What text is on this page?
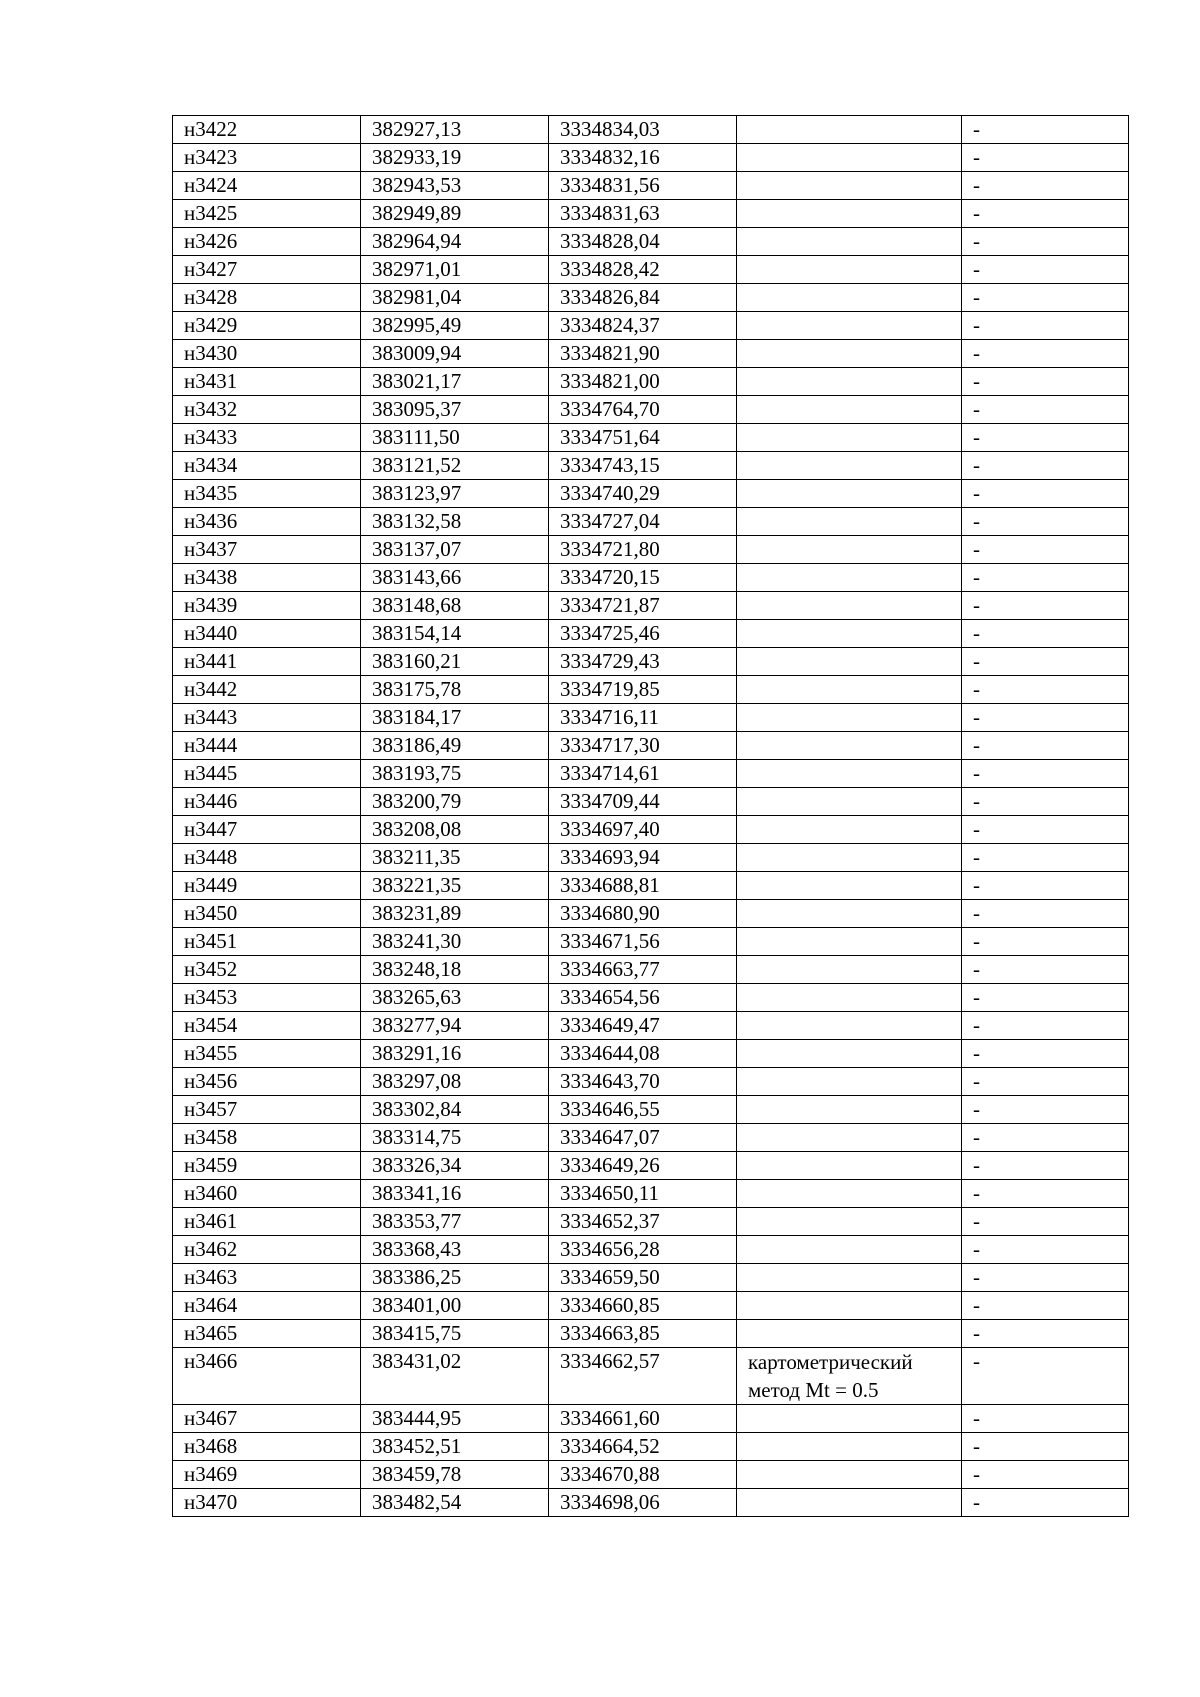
н3422	382927,13	3334834,03		-
н3423	382933,19	3334832,16		-
н3424	382943,53	3334831,56		-
н3425	382949,89	3334831,63		-
н3426	382964,94	3334828,04		-
н3427	382971,01	3334828,42		-
н3428	382981,04	3334826,84		-
н3429	382995,49	3334824,37		-
н3430	383009,94	3334821,90		-
н3431	383021,17	3334821,00		-
н3432	383095,37	3334764,70		-
н3433	383111,50	3334751,64		-
н3434	383121,52	3334743,15		-
н3435	383123,97	3334740,29		-
н3436	383132,58	3334727,04		-
н3437	383137,07	3334721,80		-
н3438	383143,66	3334720,15		-
н3439	383148,68	3334721,87		-
н3440	383154,14	3334725,46		-
н3441	383160,21	3334729,43		-
н3442	383175,78	3334719,85		-
н3443	383184,17	3334716,11		-
н3444	383186,49	3334717,30		-
н3445	383193,75	3334714,61		-
н3446	383200,79	3334709,44		-
н3447	383208,08	3334697,40		-
н3448	383211,35	3334693,94		-
н3449	383221,35	3334688,81		-
н3450	383231,89	3334680,90		-
н3451	383241,30	3334671,56		-
н3452	383248,18	3334663,77		-
н3453	383265,63	3334654,56		-
н3454	383277,94	3334649,47		-
н3455	383291,16	3334644,08		-
н3456	383297,08	3334643,70		-
н3457	383302,84	3334646,55		-
н3458	383314,75	3334647,07		-
н3459	383326,34	3334649,26		-
н3460	383341,16	3334650,11		-
н3461	383353,77	3334652,37		-
н3462	383368,43	3334656,28		-
н3463	383386,25	3334659,50		-
н3464	383401,00	3334660,85		-
н3465	383415,75	3334663,85		-
н3466	383431,02	3334662,57	картометрический метод Mt = 0.5	-
н3467	383444,95	3334661,60		-
н3468	383452,51	3334664,52		-
н3469	383459,78	3334670,88		-
н3470	383482,54	3334698,06		-
